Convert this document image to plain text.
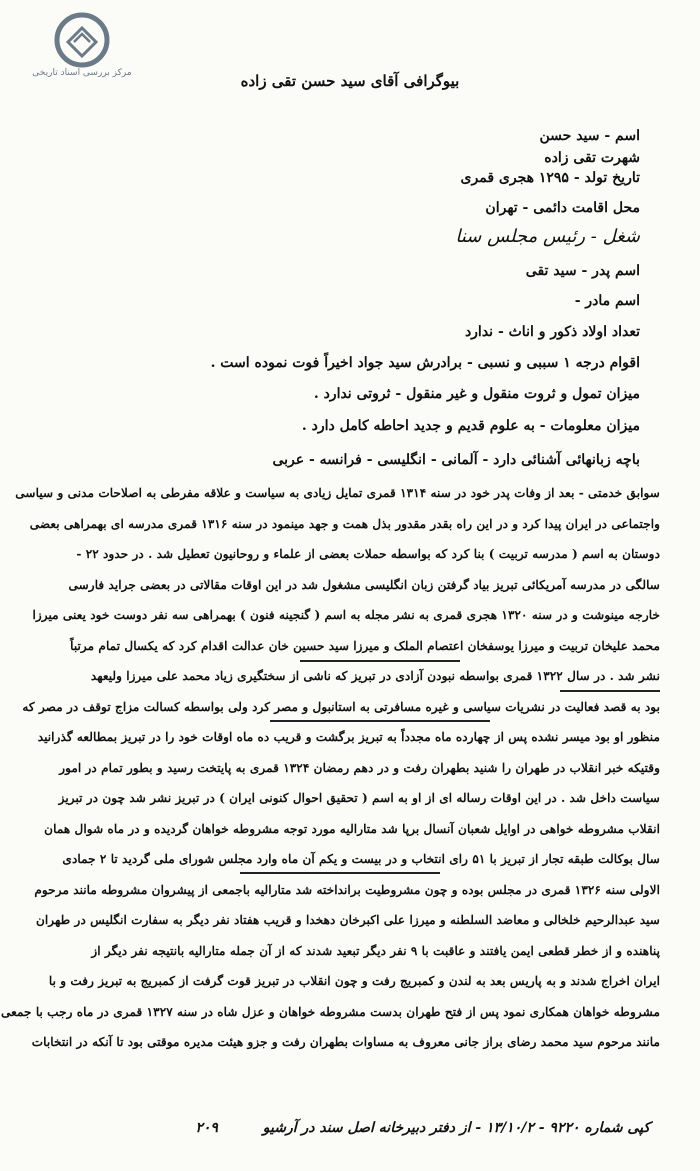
مرکز بررسی اسناد تاریخی	بیوگرافی آقای سید حسن تقی زاده
اسم - سید حسن
شهرت تقی زاده
تاریخ تولد - ۱۲۹۵ هجری قمری
محل اقامت دائمی - تهران
شغل - رئیس مجلس سنا
اسم پدر - سید تقی
اسم مادر -
تعداد اولاد ذکور و اناث - ندارد
اقوام درجه ۱ سببی و نسبی - برادرش سید جواد اخیراً فوت نموده است .
میزان تمول و ثروت منقول و غیر منقول - ثروتی ندارد .
میزان معلومات - به علوم قدیم و جدید احاطه کامل دارد .
باچه زبانهائی آشنائی دارد - آلمانی - انگلیسی - فرانسه - عربی
سوابق خدمتی - بعد از وفات پدر خود در سنه ۱۳۱۴ قمری تمایل زیادی به سیاست و علاقه مفرطی به اصلاحات مدنی و سیاسی
واجتماعی در ایران پیدا کرد و در این راه بقدر مقدور بذل همت و جهد مینمود در سنه ۱۳۱۶ قمری مدرسه ای بهمراهی بعضی
دوستان به اسم ( مدرسه تربیت ) بنا کرد که بواسطه حملات بعضی از علماء و روحانیون تعطیل شد . در حدود ۲۲ -
سالگی در مدرسه آمریکائی تبریز بیاد گرفتن زبان انگلیسی مشغول شد در این اوقات مقالاتی در بعضی جراید فارسی
خارجه مینوشت و در سنه ۱۳۲۰ هجری قمری به نشر مجله به اسم ( گنجینه فنون ) بهمراهی سه نفر دوست خود یعنی میرزا
محمد علیخان تربیت و میرزا یوسفخان اعتصام الملک و میرزا سید حسین خان عدالت اقدام کرد که یکسال تمام مرتباً
نشر شد . در سال ۱۳۲۲ قمری بواسطه نبودن آزادی در تبریز که ناشی از سختگیری زیاد محمد علی میرزا ولیعهد
بود به قصد فعالیت در نشریات سیاسی و غیره مسافرتی به استانبول و مصر کرد ولی بواسطه کسالت مزاج توقف در مصر که
منظور او بود میسر نشده پس از چهارده ماه مجدداً به تبریز برگشت و قریب ده ماه اوقات خود را در تبریز بمطالعه گذرانید
وقتیکه خبر انقلاب در طهران را شنید بطهران رفت و در دهم رمضان ۱۳۲۴ قمری به پایتخت رسید و بطور تمام در امور
سیاست داخل شد . در این اوقات رساله ای از او به اسم ( تحقیق احوال کنونی ایران ) در تبریز نشر شد چون در تبریز
انقلاب مشروطه خواهی در اوایل شعبان آنسال برپا شد متارالیه مورد توجه مشروطه خواهان گردیده و در ماه شوال همان
سال بوکالت طبقه تجار از تبریز با ۵۱ رای انتخاب و در بیست و یکم آن ماه وارد مجلس شورای ملی گردید تا ۲ جمادی
الاولی سنه ۱۳۲۶ قمری در مجلس بوده و چون مشروطیت برانداخته شد متارالیه باجمعی از پیشروان مشروطه مانند مرحوم
سید عبدالرحیم خلخالی و معاضد السلطنه و میرزا علی اکبرخان دهخدا و قریب هفتاد نفر دیگر به سفارت انگلیس در طهران
پناهنده و از خطر قطعی ایمن یافتند و عاقبت با ۹ نفر دیگر تبعید شدند که از آن جمله متارالیه بانتیجه نفر دیگر از
ایران اخراج شدند و به پاریس بعد به لندن و کمبریج رفت و چون انقلاب در تبریز قوت گرفت از کمبریج به تبریز رفت و با
مشروطه خواهان همکاری نمود پس از فتح طهران بدست مشروطه خواهان و عزل شاه در سنه ۱۳۲۷ قمری در ماه رجب با جمعی
مانند مرحوم سید محمد رضای براز جانی معروف به مساوات بطهران رفت و جزو هیئت مدیره موقتی بود تا آنکه در انتخابات
کپی شماره ۹۲۲۰ - ۱۳/۱۰/۲ - از دفتر دبیرخانه اصل سند در آرشیو ۲۰۹
